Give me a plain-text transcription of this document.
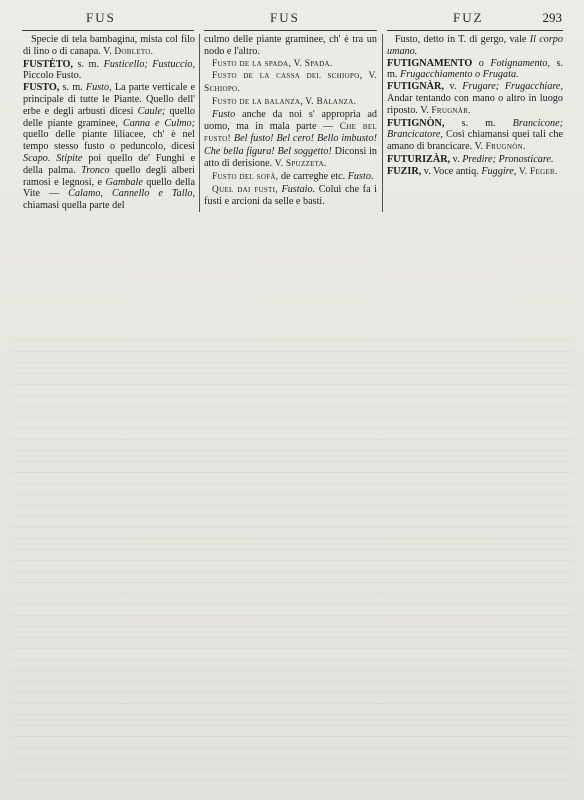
FUS	FUS	FUZ	293

Specie di tela bambagina, mista col filo di lino o di canapa. V. Dobleto.

FUSTÈTO, s. m. Fusticello; Fustuccio, Piccolo Fusto.

FUSTO, s. m. Fusto, La parte verticale e principale di tutte le Piante. Quello dell' erbe e degli arbusti dicesi Caule; quello delle piante graminee, Canna e Culmo; quello delle piante liliacee, ch' è nel tempo stesso fusto o peduncolo, dicesi Scapo. Stipite poi quello de' Funghi e della palma. Tronco quello degli alberi ramosi e legnosi, e Gambale quello della Vite — Calamo, Cannello e Tallo, chiamasi quella parte del

culmo delle piante graminee, ch' è tra un nodo e l'altro.

Fusto de la spada, V. Spada.

Fusto de la cassa del schiopo, V. Schiopo.

Fusto de la balanza, V. Balanza.

Fusto anche da noi s' appropria ad uomo, ma in mala parte — Che bel fusto! Bel fusto! Bel cero! Bello imbusto! Che bella figura! Bel soggetto! Diconsi in atto di derisione. V. Spuzzeta.

Fusto del sofà, de carreghe etc. Fusto.

Quel dai fusti, Fustaio. Colui che fa i fusti e arcioni da selle e basti.

Fusto, detto in T. di gergo, vale Il corpo umano.

FUTIGNAMENTO o Fotignamento, s. m. Frugacchiamento o Frugata.

FUTIGNÀR, v. Frugare; Frugacchiare, Andar tentando con mano o altro in luogo riposto. V. Frugnàr.

FUTIGNÒN, s. m. Brancicone; Brancicatore, Così chiamansi quei tali che amano di brancicare. V. Frugnòn.

FUTURIZÀR, v. Predire; Pronosticare.

FUZIR, v. Voce antiq. Fuggire, V. Feger.
